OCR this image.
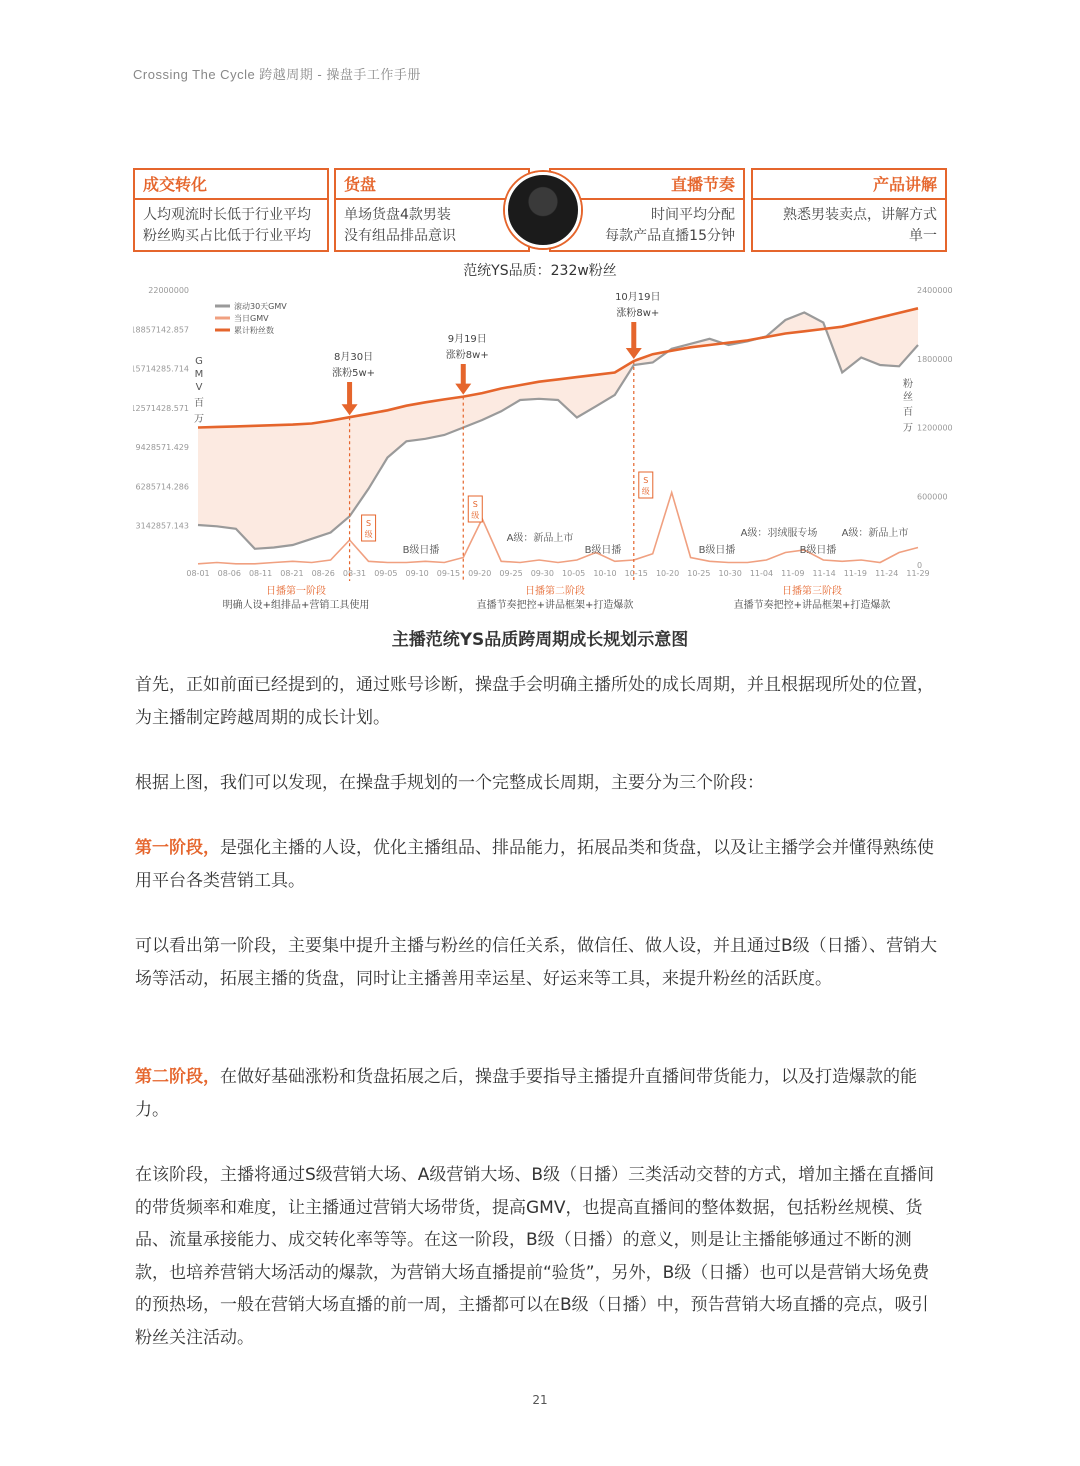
Crossing The Cycle 跨越周期 - 操盘手工作手册
成交转化
人均观流时长低于行业平均
粉丝购买占比低于行业平均
货盘
单场货盘4款男装
没有组品排品意识
直播节奏
时间平均分配
每款产品直播15分钟
产品讲解
熟悉男装卖点，讲解方式
单一
范统YS品质：232w粉丝
22000000
18857142.857
15714285.714
12571428.571
9428571.429
6285714.286
3142857.143
2400000
1800000
1200000
600000
0
08-01 08-06 08-11 08-21 08-26 08-31 09-05 09-10 09-15 09-20 09-25 09-30 10-05 10-10 10-15 10-20 10-25 10-30 11-04 11-09 11-14 11-19 11-24 11-29
滚动30天GMV
当日GMV
累计粉丝数
8月30日
涨粉5w+
9月19日
涨粉8w+
10月19日
涨粉8w+
S
级
S
级
S
级
B级日播
A级：新品上市
B级日播	B级日播
A级：羽绒服专场
B级日播
A级：新品上市
日播第一阶段
明确人设+组排品+营销工具使用
日播第二阶段
直播节奏把控+讲品框架+打造爆款
日播第三阶段
直播节奏把控+讲品框架+打造爆款
G
M
V
百
万
粉
丝
百
万
主播范统YS品质跨周期成长规划示意图

首先，正如前面已经提到的，通过账号诊断，操盘手会明确主播所处的成长周期，并且根据现所处的位置，为主播制定跨越周期的成长计划。

根据上图，我们可以发现，在操盘手规划的一个完整成长周期，主要分为三个阶段：

第一阶段，是强化主播的人设，优化主播组品、排品能力，拓展品类和货盘，以及让主播学会并懂得熟练使用平台各类营销工具。

可以看出第一阶段，主要集中提升主播与粉丝的信任关系，做信任、做人设，并且通过B级（日播）、营销大场等活动，拓展主播的货盘，同时让主播善用幸运星、好运来等工具，来提升粉丝的活跃度。

第二阶段，在做好基础涨粉和货盘拓展之后，操盘手要指导主播提升直播间带货能力，以及打造爆款的能力。

在该阶段，主播将通过S级营销大场、A级营销大场、B级（日播）三类活动交替的方式，增加主播在直播间的带货频率和难度，让主播通过营销大场带货，提高GMV，也提高直播间的整体数据，包括粉丝规模、货品、流量承接能力、成交转化率等等。在这一阶段，B级（日播）的意义，则是让主播能够通过不断的测款，也培养营销大场活动的爆款，为营销大场直播提前“验货”，另外，B级（日播）也可以是营销大场免费的预热场，一般在营销大场直播的前一周，主播都可以在B级（日播）中，预告营销大场直播的亮点，吸引粉丝关注活动。

21
